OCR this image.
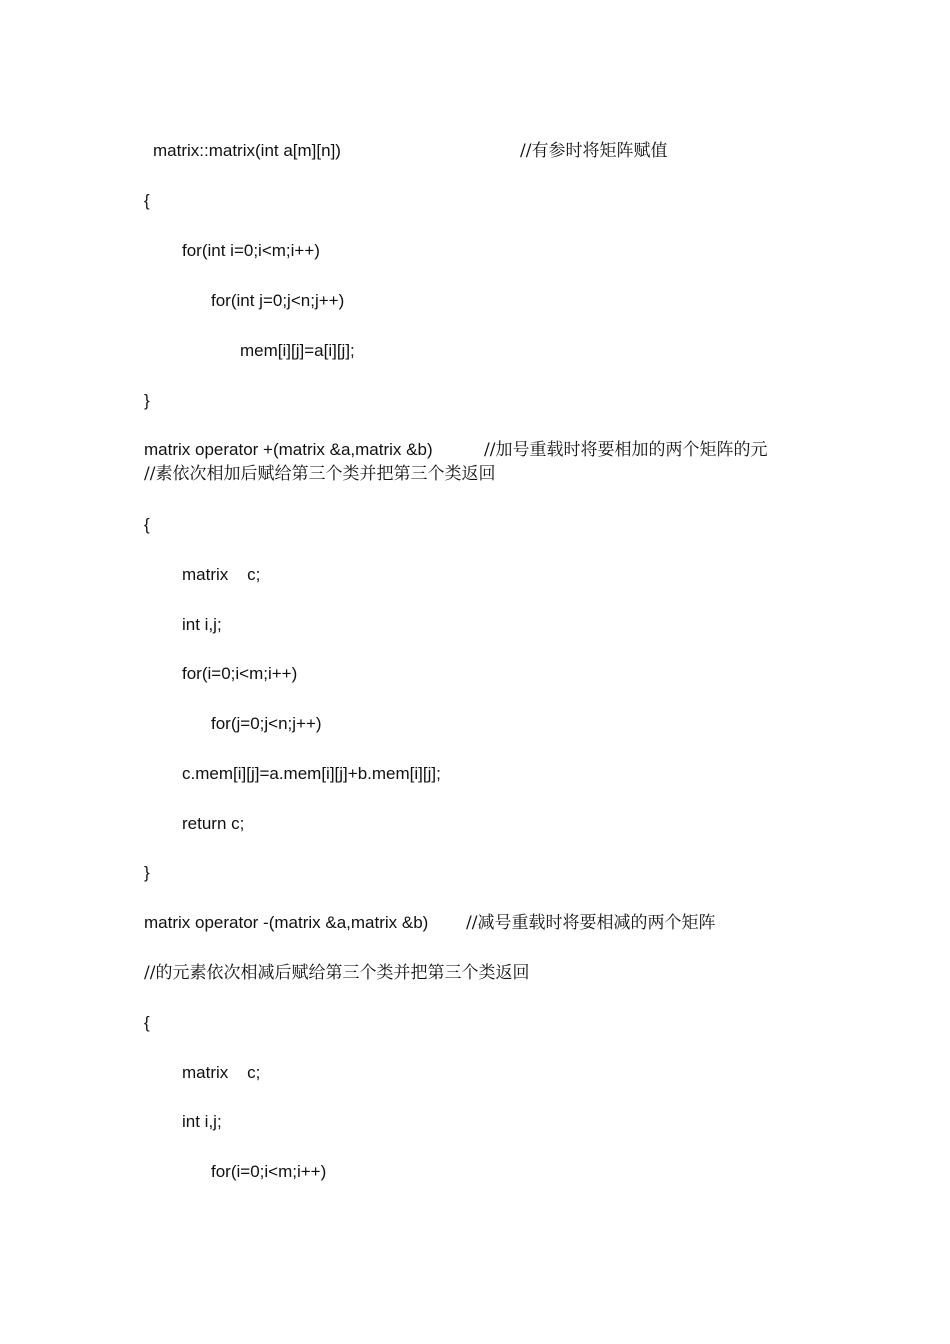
matrix::matrix(int a[m][n])	//有参时将矩阵赋值
{
for(int i=0;i<m;i++)
for(int j=0;j<n;j++)
mem[i][j]=a[i][j];
}
matrix operator +(matrix &a,matrix &b)	//加号重载时将要相加的两个矩阵的元
//素依次相加后赋给第三个类并把第三个类返回
{
matrix    c;
int i,j;
for(i=0;i<m;i++)
for(j=0;j<n;j++)
c.mem[i][j]=a.mem[i][j]+b.mem[i][j];
return c;
}
matrix operator -(matrix &a,matrix &b) //减号重载时将要相减的两个矩阵
//的元素依次相减后赋给第三个类并把第三个类返回
{
matrix    c;
int i,j;
for(i=0;i<m;i++)
